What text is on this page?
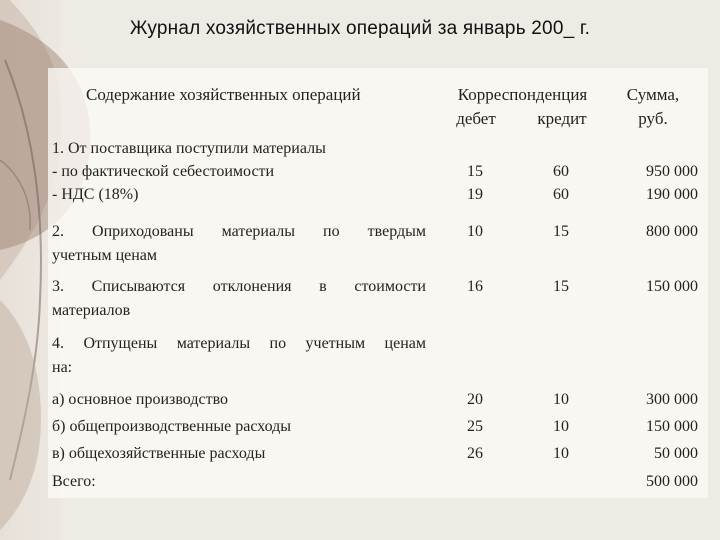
Журнал хозяйственных операций за январь 200_ г.
Содержание хозяйственных операций	Корреспонденция
дебет	кредит
Сумма,
руб.
1. От поставщика поступили материалы
- по фактической себестоимости
- НДС (18%)
2. Оприходованы материалы по твердым
учетным ценам
3. Списываются отклонения в стоимости
материалов
4. Отпущены материалы по учетным ценам
на:
а) основное производство
б) общепроизводственные расходы
в) общехозяйственные расходы
Всего:
15
19
10
16
20
25
26
60
60
15
15
10
10
10
950 000
190 000
800 000
150 000
300 000
150 000
50 000
500 000
